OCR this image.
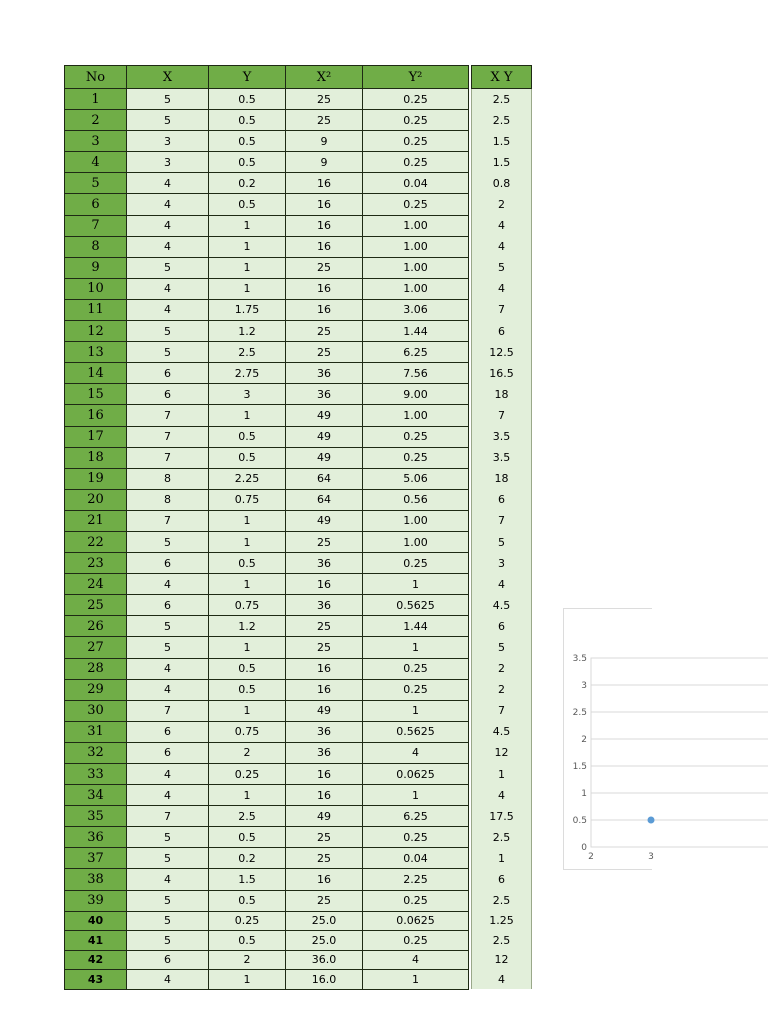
No	X	Y	X²	Y²		X Y
1	5	0.5	25	0.25		2.5
2	5	0.5	25	0.25		2.5
3	3	0.5	9	0.25		1.5
4	3	0.5	9	0.25		1.5
5	4	0.2	16	0.04		0.8
6	4	0.5	16	0.25		2
7	4	1	16	1.00		4
8	4	1	16	1.00		4
9	5	1	25	1.00		5
10	4	1	16	1.00		4
11	4	1.75	16	3.06		7
12	5	1.2	25	1.44		6
13	5	2.5	25	6.25		12.5
14	6	2.75	36	7.56		16.5
15	6	3	36	9.00		18
16	7	1	49	1.00		7
17	7	0.5	49	0.25		3.5
18	7	0.5	49	0.25		3.5
19	8	2.25	64	5.06		18
20	8	0.75	64	0.56		6
21	7	1	49	1.00		7
22	5	1	25	1.00		5
23	6	0.5	36	0.25		3
24	4	1	16	1		4
25	6	0.75	36	0.5625		4.5
26	5	1.2	25	1.44		6
27	5	1	25	1		5
28	4	0.5	16	0.25		2
29	4	0.5	16	0.25		2
30	7	1	49	1		7
31	6	0.75	36	0.5625		4.5
32	6	2	36	4		12
33	4	0.25	16	0.0625		1
34	4	1	16	1		4
35	7	2.5	49	6.25		17.5
36	5	0.5	25	0.25		2.5
37	5	0.2	25	0.04		1
38	4	1.5	16	2.25		6
39	5	0.5	25	0.25		2.5
40	5	0.25	25.0	0.0625		1.25
41	5	0.5	25.0	0.25		2.5
42	6	2	36.0	4		12
43	4	1	16.0	1		4
0
0.5
1
1.5
2
2.5
3
3.5
2	3
